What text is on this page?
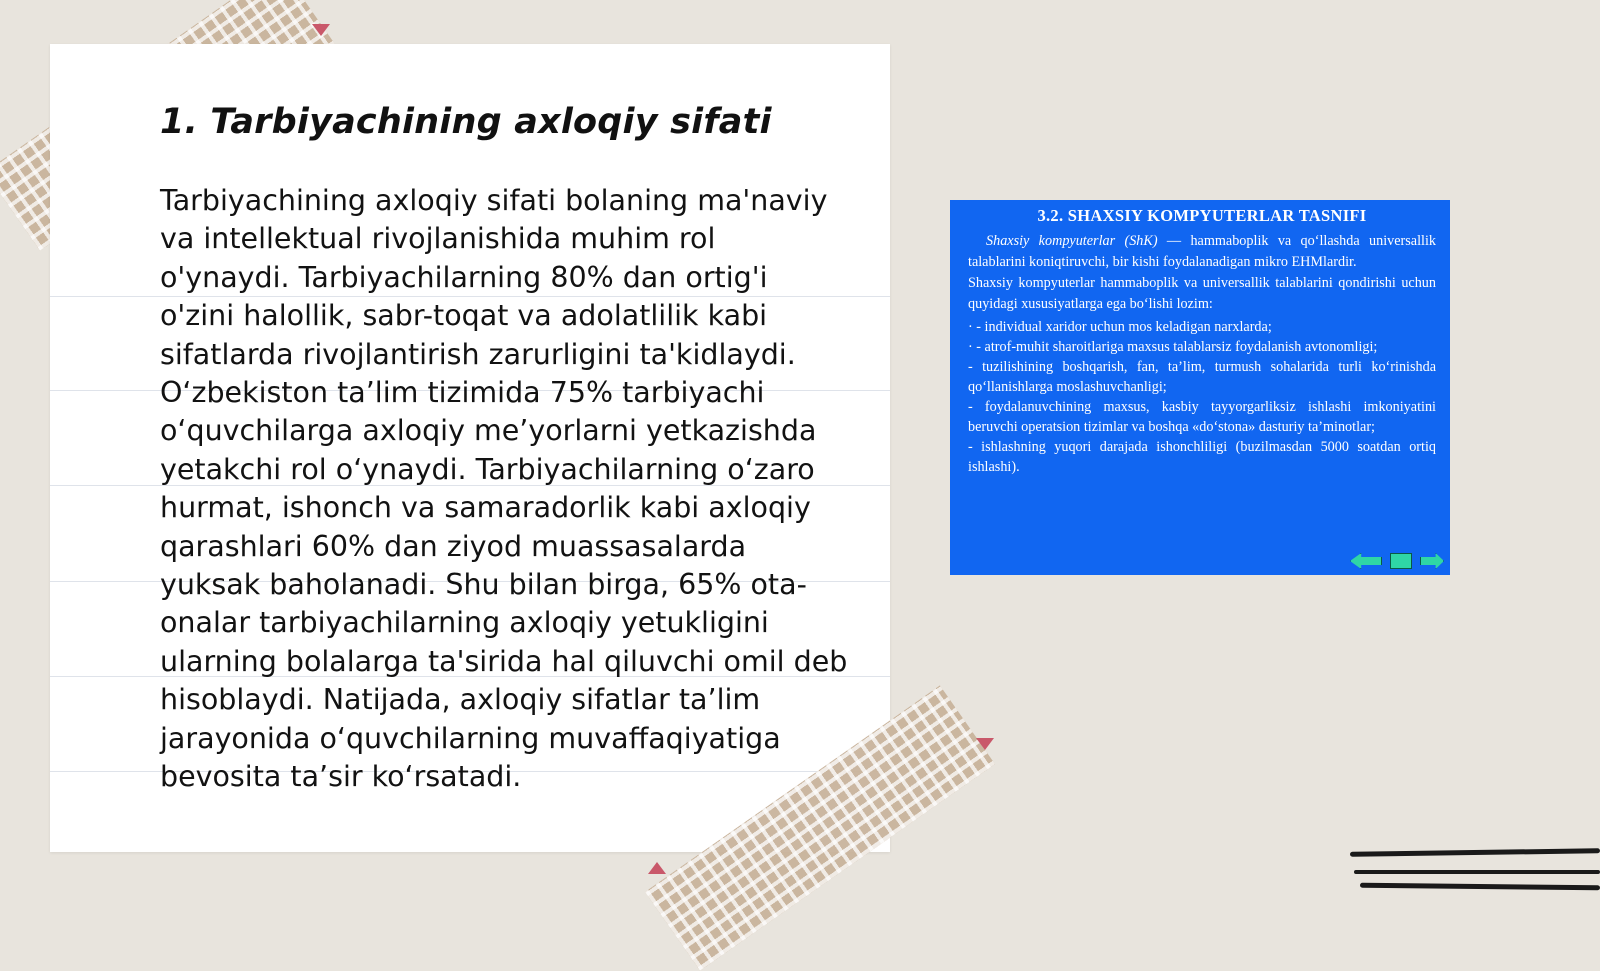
1. Tarbiyachining axloqiy sifati

Tarbiyachining axloqiy sifati bolaning ma'naviy va intellektual rivojlanishida muhim rol o'ynaydi. Tarbiyachilarning 80% dan ortig'i o'zini halollik, sabr-toqat va adolatlilik kabi sifatlarda rivojlantirish zarurligini ta'kidlaydi. O‘zbekiston ta’lim tizimida 75% tarbiyachi o‘quvchilarga axloqiy me’yorlarni yetkazishda yetakchi rol o‘ynaydi. Tarbiyachilarning o‘zaro hurmat, ishonch va samaradorlik kabi axloqiy qarashlari 60% dan ziyod muassasalarda yuksak baholanadi. Shu bilan birga, 65% ota-onalar tarbiyachilarning axloqiy yetukligini ularning bolalarga ta'sirida hal qiluvchi omil deb hisoblaydi. Natijada, axloqiy sifatlar ta’lim jarayonida o‘quvchilarning muvaffaqiyatiga bevosita ta’sir ko‘rsatadi.

3.2. SHAXSIY KOMPYUTERLAR TASNIFI

Shaxsiy kompyuterlar (ShK) — hammaboplik va qo‘llashda universallik talablarini koniqtiruvchi, bir kishi foydalanadigan mikro EHMlardir.

Shaxsiy kompyuterlar hammaboplik va universallik talablarini qondirishi uchun quyidagi xususiyatlarga ega bo‘lishi lozim:

· - individual xaridor uchun mos keladigan narxlarda;
· - atrof-muhit sharoitlariga maxsus talablarsiz foydalanish avtonomligi;
- tuzilishining boshqarish, fan, ta’lim, turmush sohalarida turli ko‘rinishda qo‘llanishlarga moslashuvchanligi;
- foydalanuvchining maxsus, kasbiy tayyorgarliksiz ishlashi imkoniyatini beruvchi operatsion tizimlar va boshqa «do‘stona» dasturiy ta’minotlar;
- ishlashning yuqori darajada ishonchliligi (buzilmasdan 5000 soatdan ortiq ishlashi).
